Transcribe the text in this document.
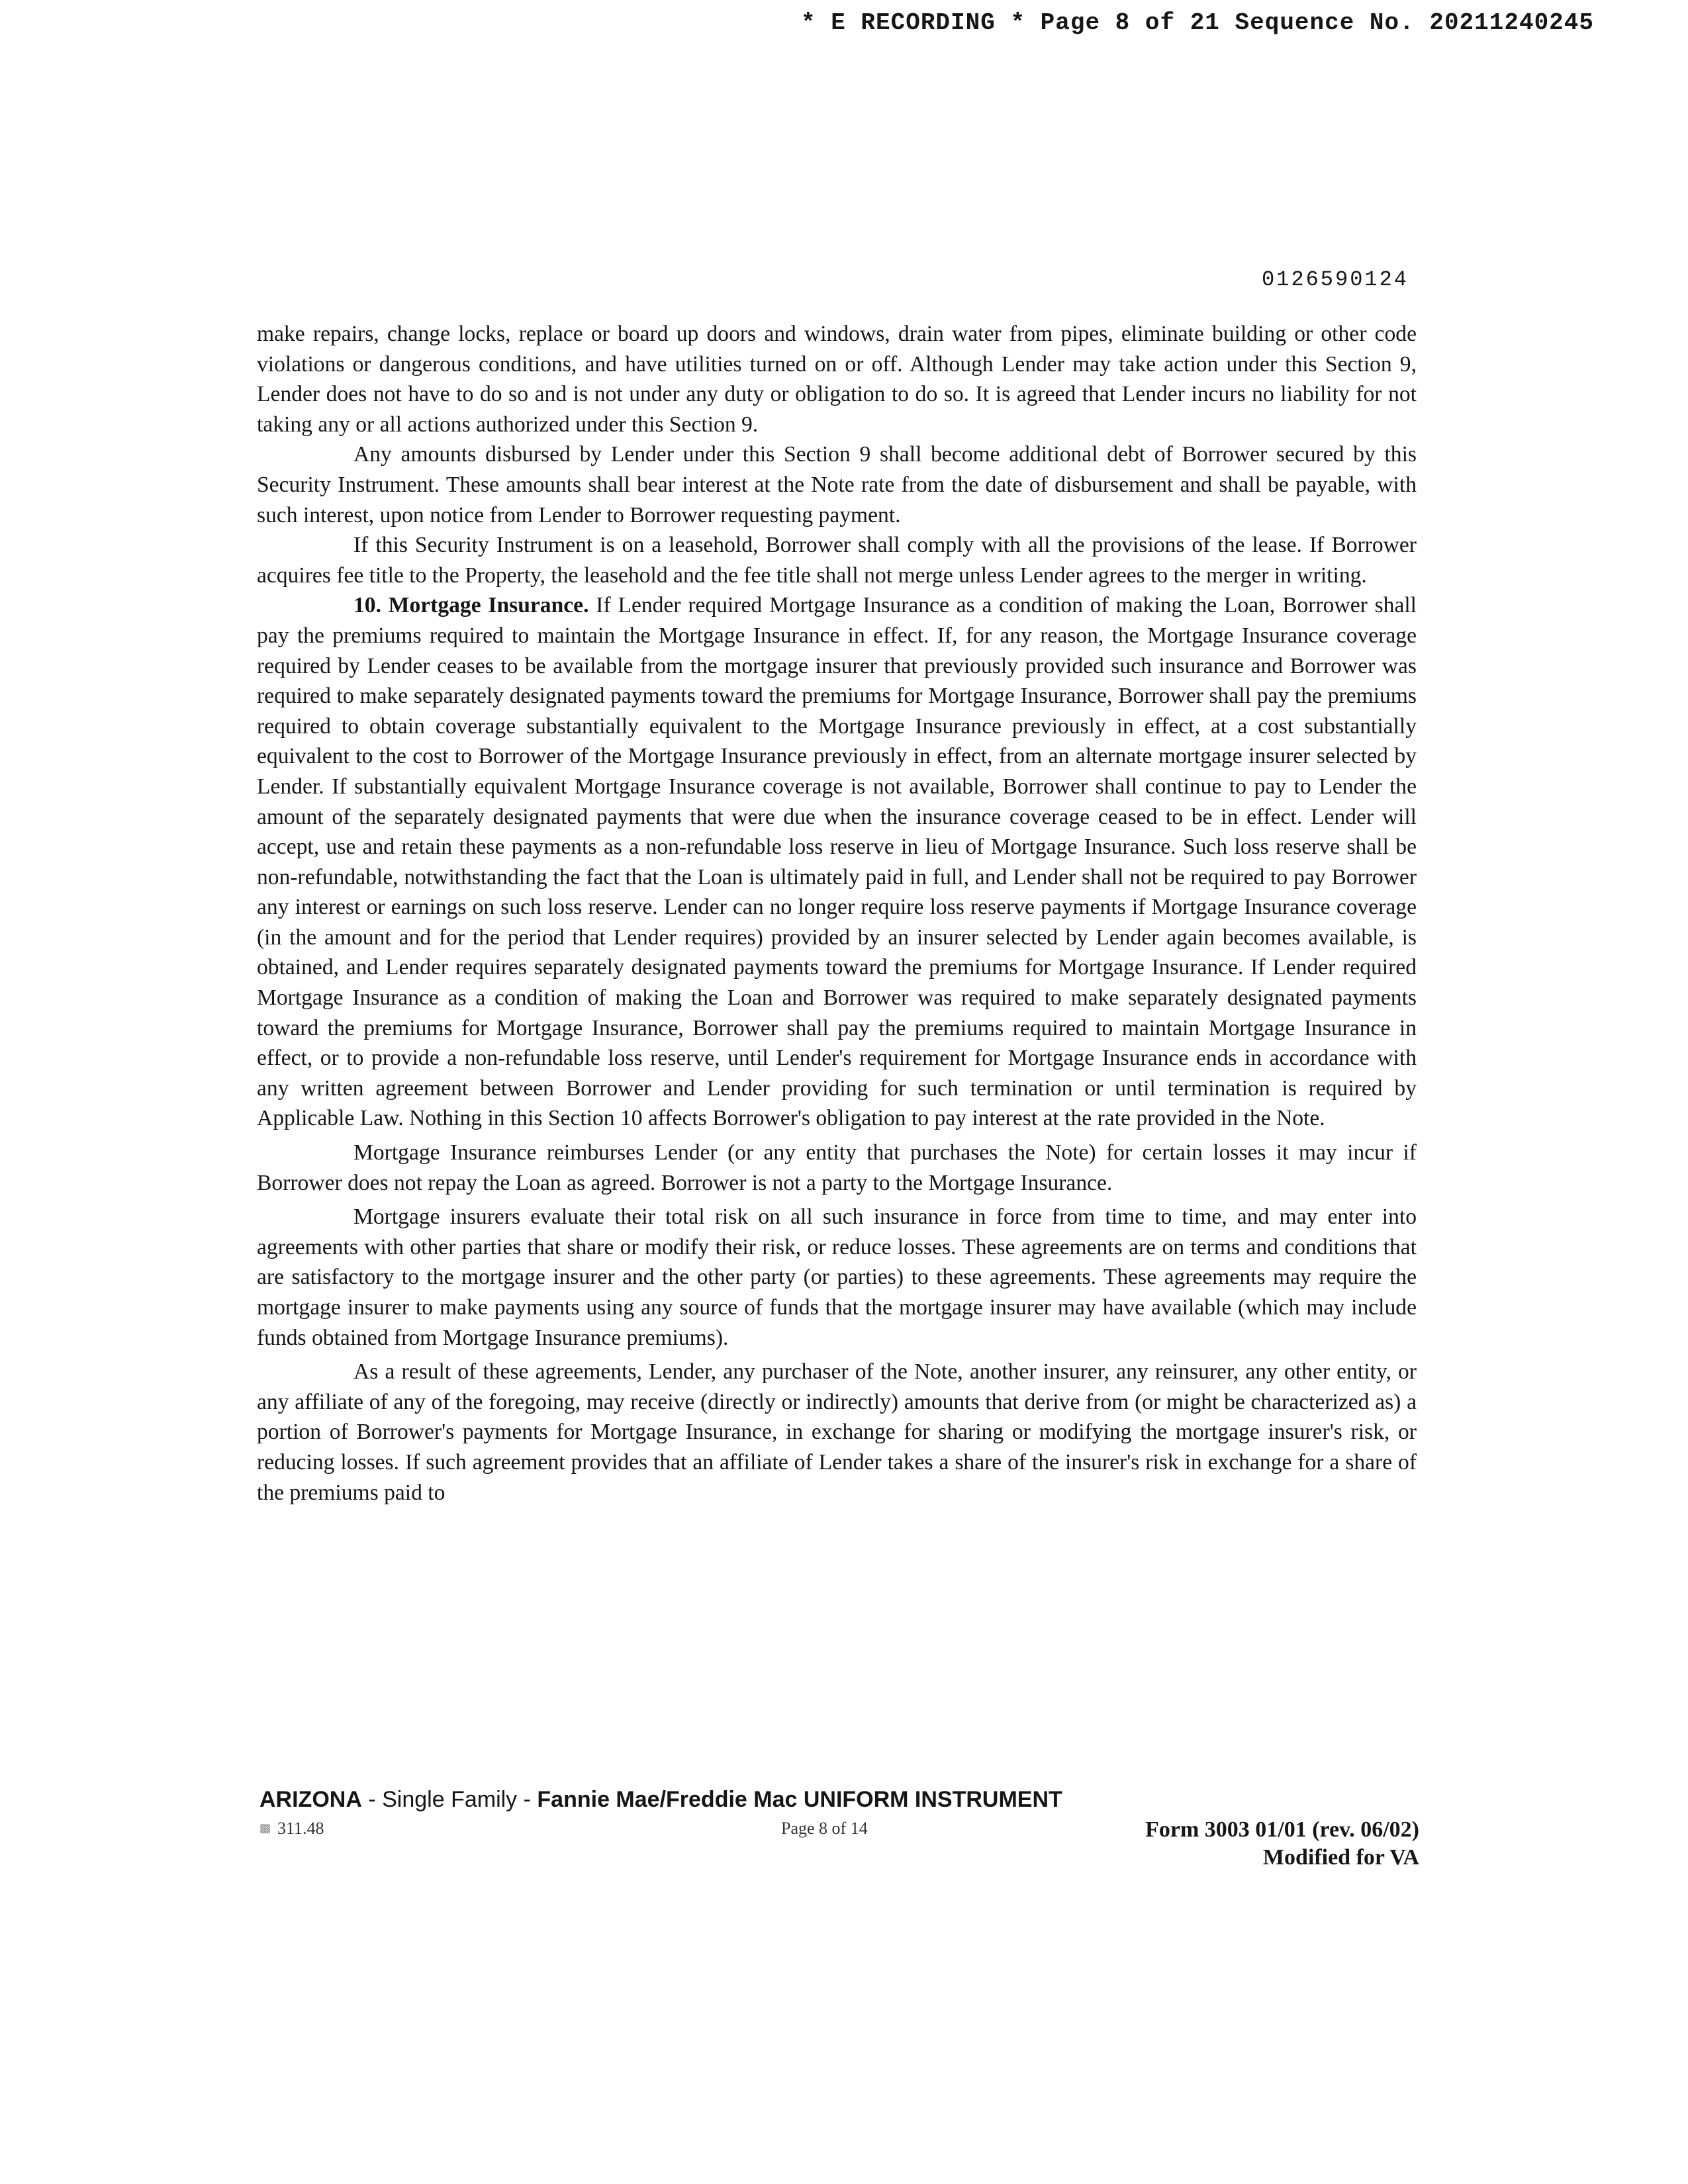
* E RECORDING * Page 8 of 21 Sequence No. 20211240245
0126590124

make repairs, change locks, replace or board up doors and windows, drain water from pipes, eliminate building or other code violations or dangerous conditions, and have utilities turned on or off. Although Lender may take action under this Section 9, Lender does not have to do so and is not under any duty or obligation to do so. It is agreed that Lender incurs no liability for not taking any or all actions authorized under this Section 9.

Any amounts disbursed by Lender under this Section 9 shall become additional debt of Borrower secured by this Security Instrument. These amounts shall bear interest at the Note rate from the date of disbursement and shall be payable, with such interest, upon notice from Lender to Borrower requesting payment.

If this Security Instrument is on a leasehold, Borrower shall comply with all the provisions of the lease. If Borrower acquires fee title to the Property, the leasehold and the fee title shall not merge unless Lender agrees to the merger in writing.

10. Mortgage Insurance. If Lender required Mortgage Insurance as a condition of making the Loan, Borrower shall pay the premiums required to maintain the Mortgage Insurance in effect. If, for any reason, the Mortgage Insurance coverage required by Lender ceases to be available from the mortgage insurer that previously provided such insurance and Borrower was required to make separately designated payments toward the premiums for Mortgage Insurance, Borrower shall pay the premiums required to obtain coverage substantially equivalent to the Mortgage Insurance previously in effect, at a cost substantially equivalent to the cost to Borrower of the Mortgage Insurance previously in effect, from an alternate mortgage insurer selected by Lender. If substantially equivalent Mortgage Insurance coverage is not available, Borrower shall continue to pay to Lender the amount of the separately designated payments that were due when the insurance coverage ceased to be in effect. Lender will accept, use and retain these payments as a non-refundable loss reserve in lieu of Mortgage Insurance. Such loss reserve shall be non-refundable, notwithstanding the fact that the Loan is ultimately paid in full, and Lender shall not be required to pay Borrower any interest or earnings on such loss reserve. Lender can no longer require loss reserve payments if Mortgage Insurance coverage (in the amount and for the period that Lender requires) provided by an insurer selected by Lender again becomes available, is obtained, and Lender requires separately designated payments toward the premiums for Mortgage Insurance. If Lender required Mortgage Insurance as a condition of making the Loan and Borrower was required to make separately designated payments toward the premiums for Mortgage Insurance, Borrower shall pay the premiums required to maintain Mortgage Insurance in effect, or to provide a non-refundable loss reserve, until Lender's requirement for Mortgage Insurance ends in accordance with any written agreement between Borrower and Lender providing for such termination or until termination is required by Applicable Law. Nothing in this Section 10 affects Borrower's obligation to pay interest at the rate provided in the Note.

Mortgage Insurance reimburses Lender (or any entity that purchases the Note) for certain losses it may incur if Borrower does not repay the Loan as agreed. Borrower is not a party to the Mortgage Insurance.

Mortgage insurers evaluate their total risk on all such insurance in force from time to time, and may enter into agreements with other parties that share or modify their risk, or reduce losses. These agreements are on terms and conditions that are satisfactory to the mortgage insurer and the other party (or parties) to these agreements. These agreements may require the mortgage insurer to make payments using any source of funds that the mortgage insurer may have available (which may include funds obtained from Mortgage Insurance premiums).

As a result of these agreements, Lender, any purchaser of the Note, another insurer, any reinsurer, any other entity, or any affiliate of any of the foregoing, may receive (directly or indirectly) amounts that derive from (or might be characterized as) a portion of Borrower's payments for Mortgage Insurance, in exchange for sharing or modifying the mortgage insurer's risk, or reducing losses. If such agreement provides that an affiliate of Lender takes a share of the insurer's risk in exchange for a share of the premiums paid to

ARIZONA - Single Family - Fannie Mae/Freddie Mac UNIFORM INSTRUMENT
▩ 311.48	Page 8 of 14	Form 3003 01/01 (rev. 06/02)
Modified for VA
